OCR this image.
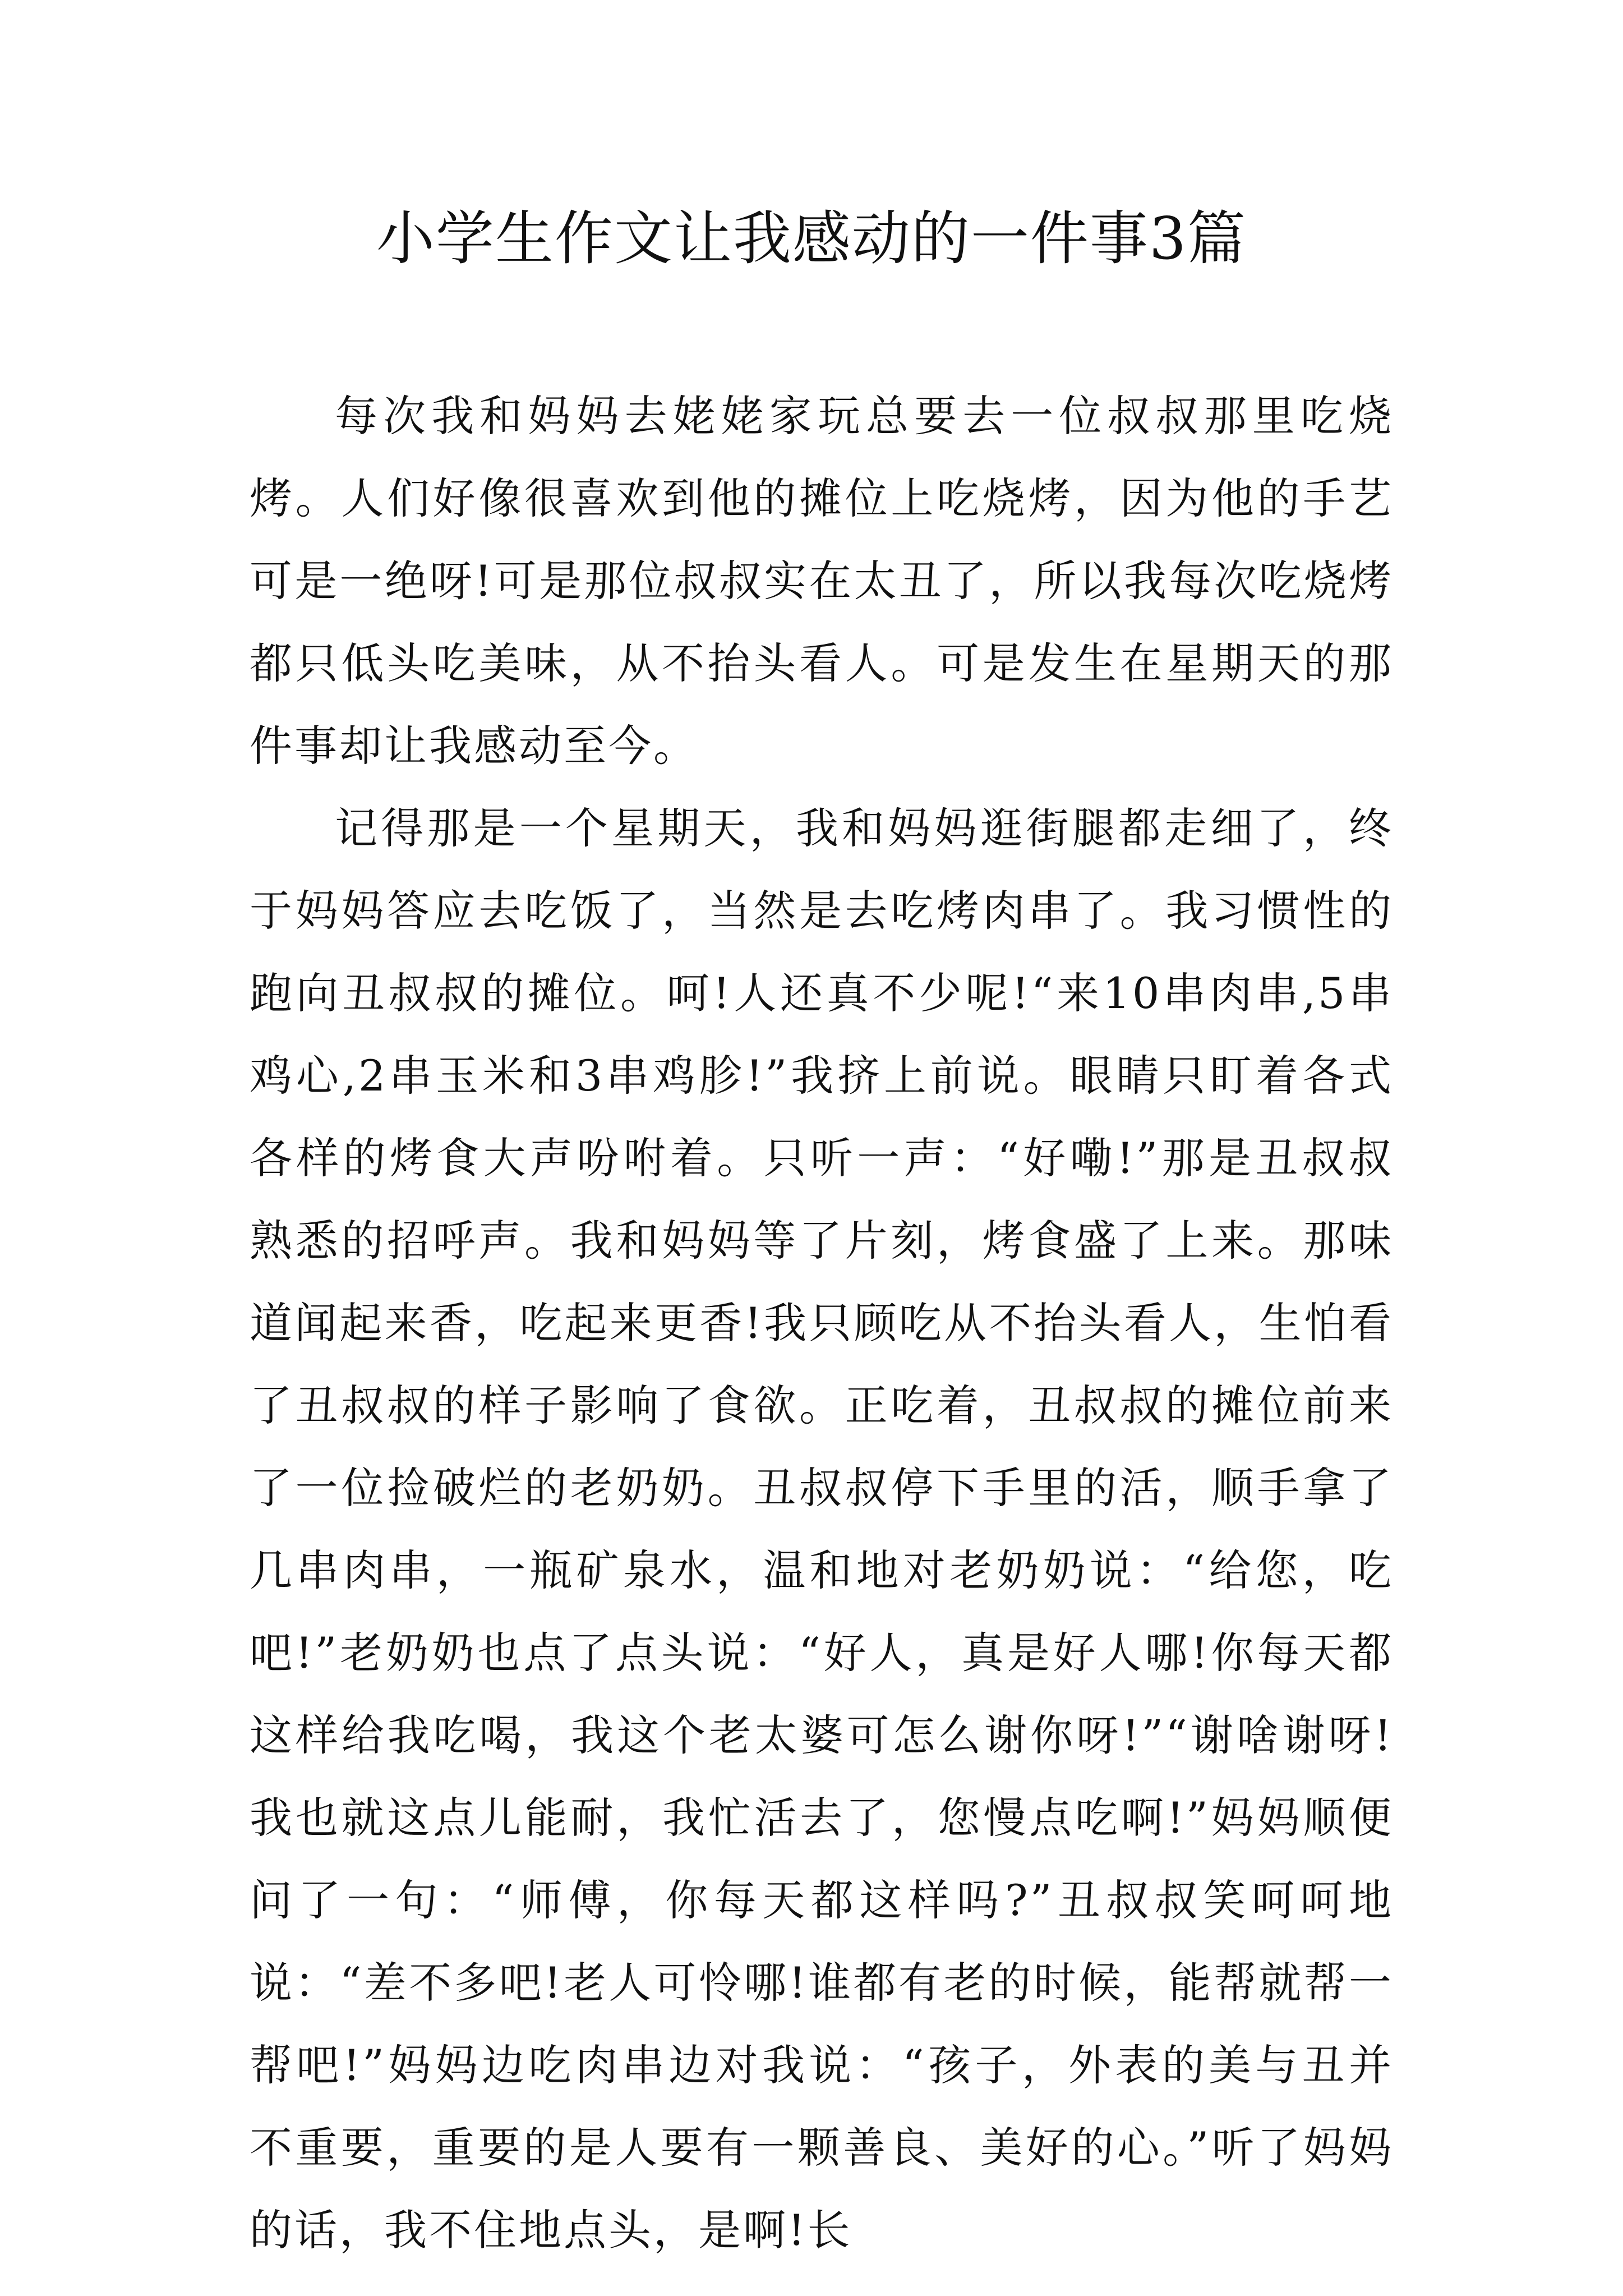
小学生作文让我感动的一件事3篇

每次我和妈妈去姥姥家玩总要去一位叔叔那里吃烧烤。人们好像很喜欢到他的摊位上吃烧烤，因为他的手艺可是一绝呀!可是那位叔叔实在太丑了，所以我每次吃烧烤都只低头吃美味，从不抬头看人。可是发生在星期天的那件事却让我感动至今。

记得那是一个星期天，我和妈妈逛街腿都走细了，终于妈妈答应去吃饭了，当然是去吃烤肉串了。我习惯性的跑向丑叔叔的摊位。呵!人还真不少呢!“来10串肉串,5串鸡心,2串玉米和3串鸡胗!”我挤上前说。眼睛只盯着各式各样的烤食大声吩咐着。只听一声：“好嘞!”那是丑叔叔熟悉的招呼声。我和妈妈等了片刻，烤食盛了上来。那味道闻起来香，吃起来更香!我只顾吃从不抬头看人，生怕看了丑叔叔的样子影响了食欲。正吃着，丑叔叔的摊位前来了一位捡破烂的老奶奶。丑叔叔停下手里的活，顺手拿了几串肉串，一瓶矿泉水，温和地对老奶奶说：“给您，吃吧!”老奶奶也点了点头说：“好人，真是好人哪!你每天都这样给我吃喝，我这个老太婆可怎么谢你呀!”“谢啥谢呀!我也就这点儿能耐，我忙活去了，您慢点吃啊!”妈妈顺便问了一句：“师傅，你每天都这样吗?”丑叔叔笑呵呵地说：“差不多吧!老人可怜哪!谁都有老的时候，能帮就帮一帮吧!”妈妈边吃肉串边对我说：“孩子，外表的美与丑并不重要，重要的是人要有一颗善良、美好的心。”听了妈妈的话，我不住地点头，是啊!长
